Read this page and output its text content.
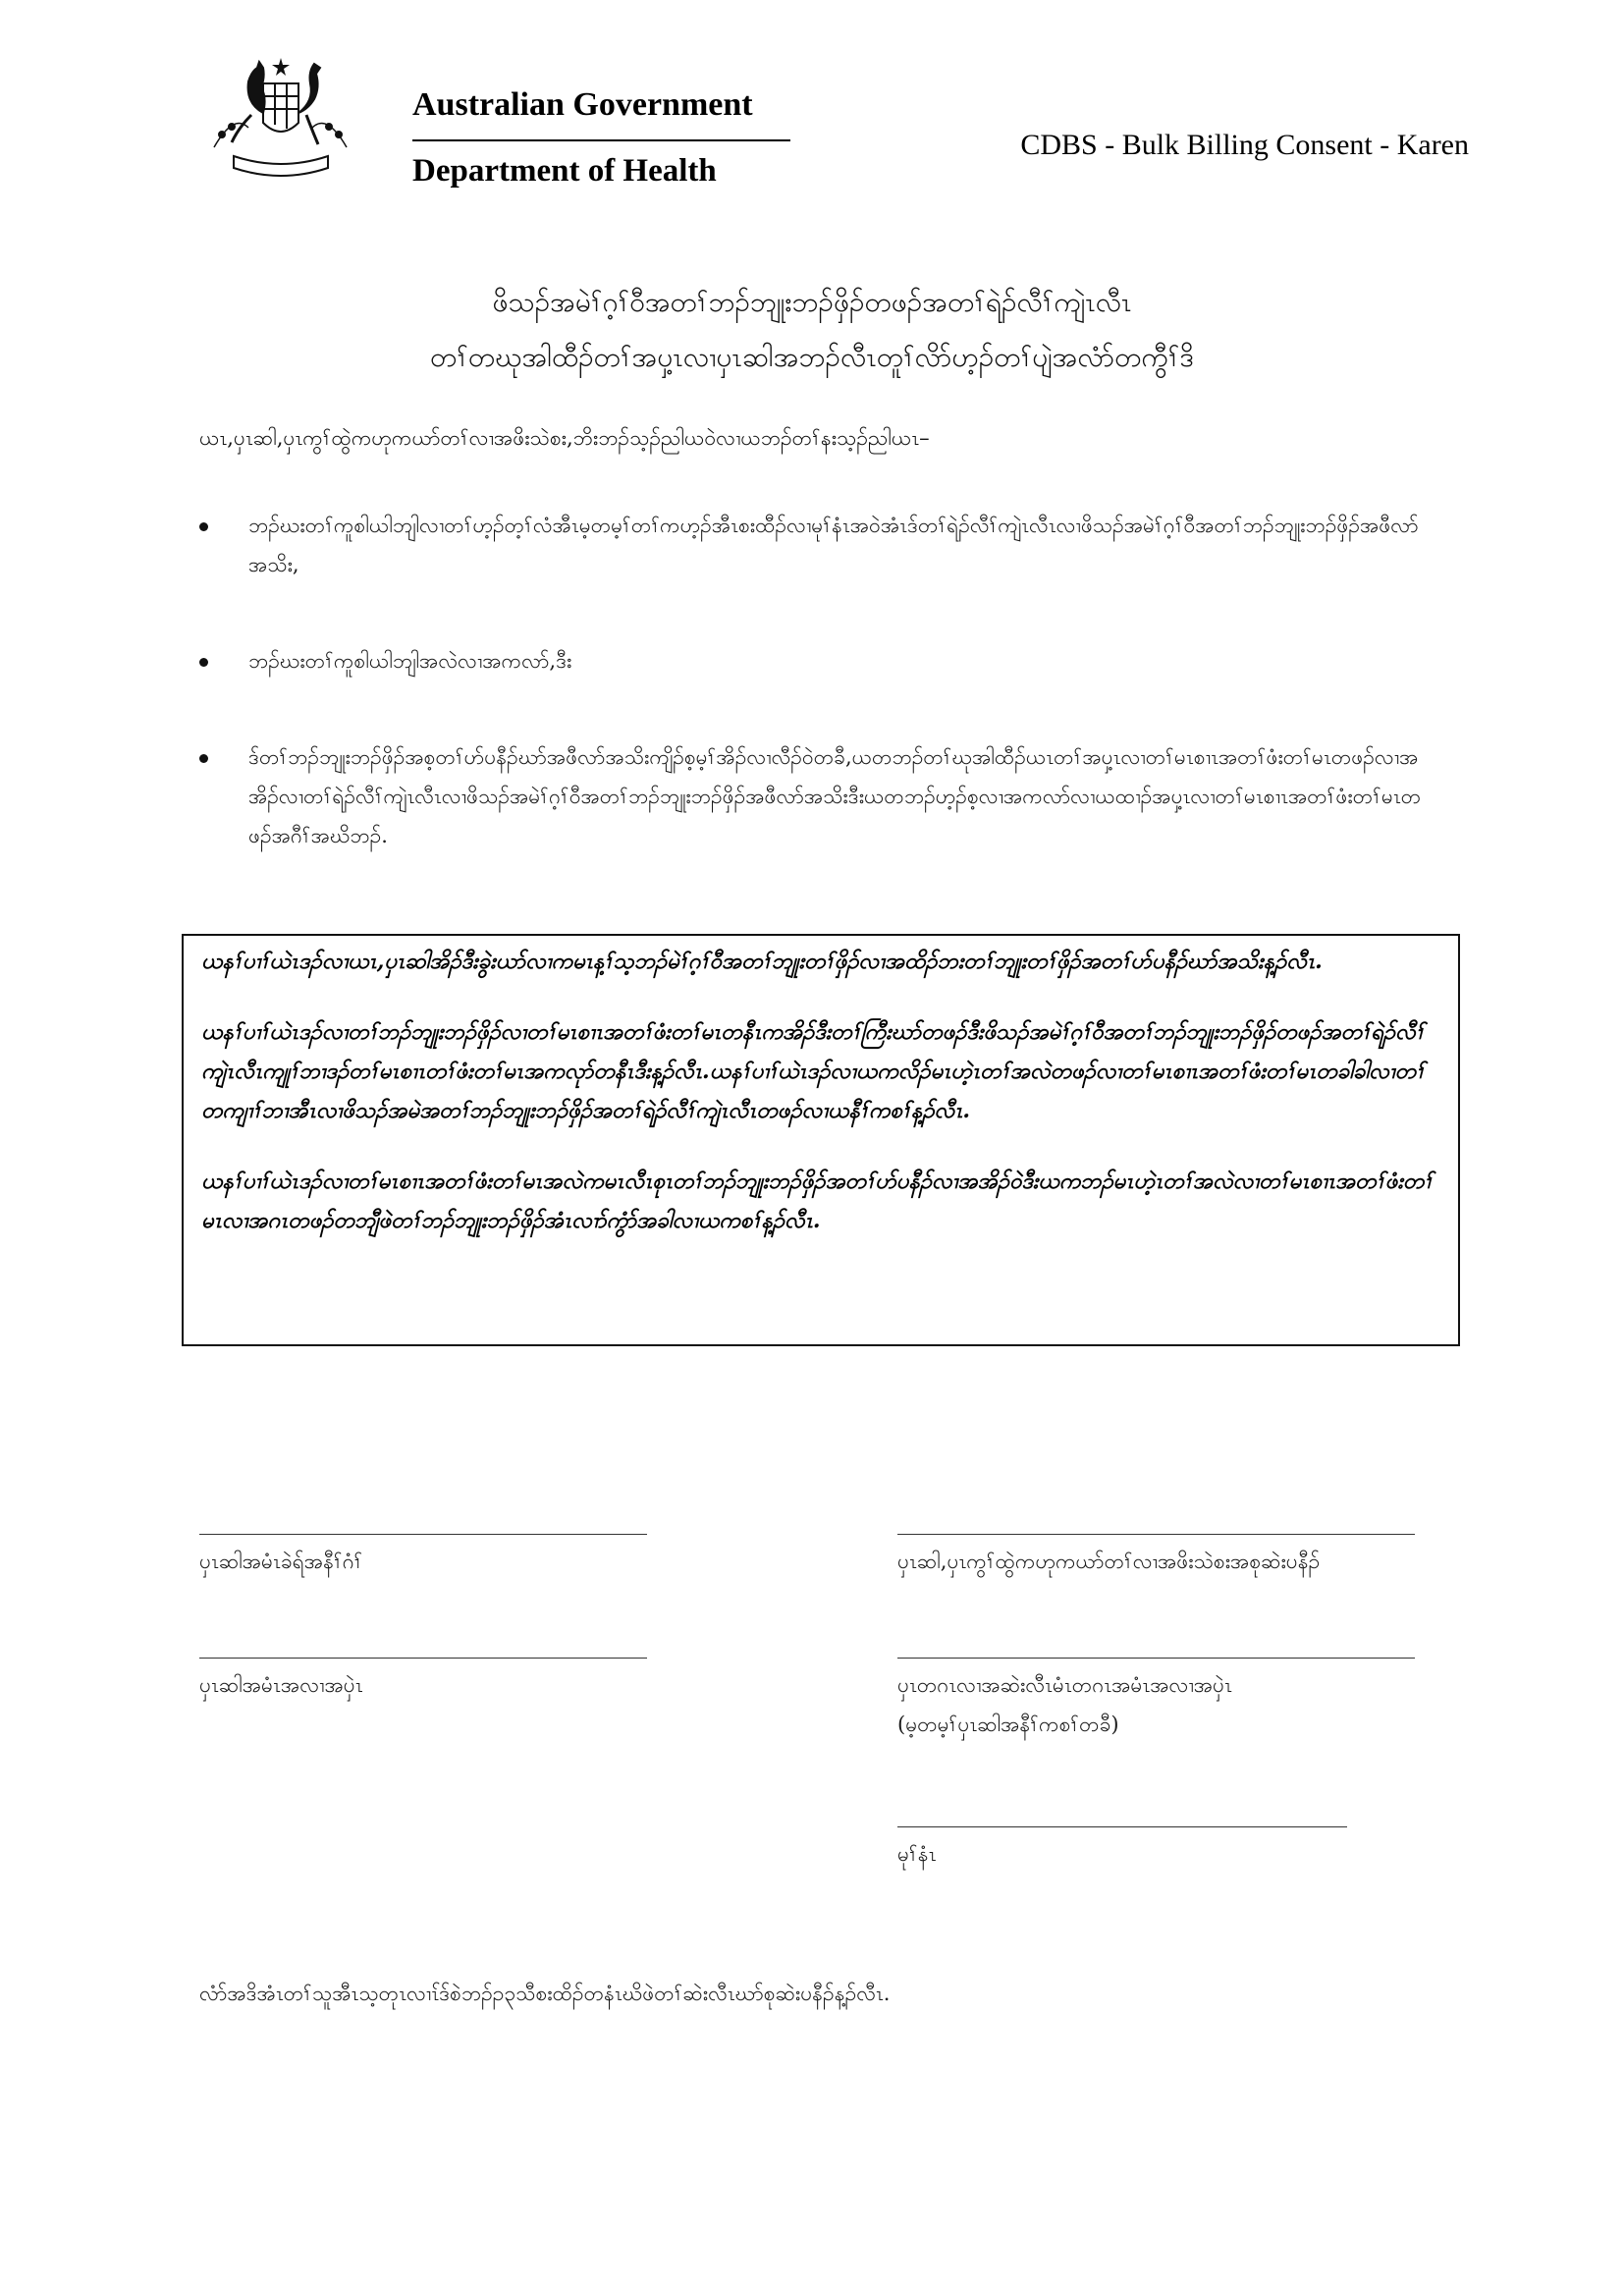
Australian Government
Department of Health
CDBS - Bulk Billing Consent - Karen
ဖိသၣ်အမဲၢ်ဂ့ၢ်ဝီအတၢ်ဘၣ်ဘျုးဘၣ်ဖှိၣ်တဖၣ်အတၢ်ရဲၣ်လီၢ်ကျဲၤလီၤ
တၢ်တဃုအါထီၣ်တၢ်အပှ့ၤလၢပှၤဆါအဘၣ်လီၤတူၢ်လိာ်ဟ့ၣ်တၢ်ပျဲအလံာ်တကွီၢ်ဒိ
ယၤ,ပှၤဆါ,ပှၤကွၢ်ထွဲကဟုကယာ်တၢ်လၢအဖိးသဲစး,ဘိးဘၣ်သ့ၣ်ညါယဝဲလၢယဘၣ်တၢ်နးသ့ၣ်ညါယၤ–
ဘၣ်ဃးတၢ်ကူစါယါဘျါလၢတၢ်ဟ့ၣ်တ့ၢ်လံအီၤမ့တမ့ၢ်တၢ်ကဟ့ၣ်အီၤစးထီၣ်လၢမုၢ်နံၤအဝဲအံၤဒ်တၢ်ရဲၣ်လီၢ်ကျဲၤလီၤလၢဖိသၣ်အမဲၢ်ဂ့ၢ်ဝီအတၢ်ဘၣ်ဘျုးဘၣ်ဖှိၣ်အဖီလာ်အသိး,
ဘၣ်ဃးတၢ်ကူစါယါဘျါအလဲလၢအကလာ်,ဒီး
ဒ်တၢ်ဘၣ်ဘျုးဘၣ်ဖှိၣ်အစ့တၢ်ဟ်ပနီၣ်ဃာ်အဖီလာ်အသိးကျိၣ်စ့မ့ၢ်အိၣ်လၢလီၣ်ဝဲတခီ,ယတဘၣ်တၢ်ဃုအါထီၣ်ယၤတၢ်အပှ့ၤလၢတၢ်မၤစၢၤအတၢ်ဖံးတၢ်မၤတဖၣ်လၢအအိၣ်လၢတၢ်ရဲၣ်လီၢ်ကျဲၤလီၤလၢဖိသၣ်အမဲၢ်ဂ့ၢ်ဝီအတၢ်ဘၣ်ဘျုးဘၣ်ဖှိၣ်အဖီလာ်အသိးဒီးယတဘၣ်ဟ့ၣ်စ့လၢအကလာ်လၢယထၢၣ်အပှ့ၤလၢတၢ်မၤစၢၤအတၢ်ဖံးတၢ်မၤတဖၣ်အဂီၢ်အဃိဘၣ်.

ယနၢ်ပၢၢ်ယဲၤဒၣ်လၢယၤ,ပှၤဆါအိၣ်ဒီးခွဲးယာ်လၢကမၤန့ၢ်သ့ဘၣ်မဲၢ်ဂ့ၢ်ဝီအတၢ်ဘျုးတၢ်ဖှိၣ်လၢအထိၣ်ဘးတၢ်ဘျုးတၢ်ဖှိၣ်အတၢ်ဟ်ပနီၣ်ဃာ်အသိးန့ၣ်လီၤ.

ယနၢ်ပၢၢ်ယဲၤဒၣ်လၢတၢ်ဘၣ်ဘျုးဘၣ်ဖှိၣ်လၢတၢ်မၤစၢၤအတၢ်ဖံးတၢ်မၤတနီၤကအိၣ်ဒီးတၢ်ကြီးဃာ်တဖၣ်ဒီးဖိသၣ်အမဲၢ်ဂ့ၢ်ဝီအတၢ်ဘၣ်ဘျုးဘၣ်ဖှိၣ်တဖၣ်အတၢ်ရဲၣ်လီၢ်ကျဲၤလီၤကျုၢ်ဘၢဒၣ်တၢ်မၤစၢၤတၢ်ဖံးတၢ်မၤအကလုာ်တနီၤဒီးန့ၣ်လီၤ.ယနၢ်ပၢၢ်ယဲၤဒၣ်လၢယကလိၣ်မၤဟဲ့ၤတၢ်အလဲတဖၣ်လၢတၢ်မၤစၢၤအတၢ်ဖံးတၢ်မၤတခါခါလၢတၢ်တကျၢၢ်ဘၢအီၤလၢဖိသၣ်အမဲအတၢ်ဘၣ်ဘျုးဘၣ်ဖှိၣ်အတၢ်ရဲၣ်လီၢ်ကျဲၤလီၤတဖၣ်လၢယနီၢ်ကစၢ်န့ၣ်လီၤ.

ယနၢ်ပၢၢ်ယဲၤဒၣ်လၢတၢ်မၤစၢၤအတၢ်ဖံးတၢ်မၤအလဲကမၤလီၤစုၤတၢ်ဘၣ်ဘျုးဘၣ်ဖှိၣ်အတၢ်ဟ်ပနီၣ်လၢအအိၣ်ဝဲဒီးယကဘၣ်မၤဟဲ့ၤတၢ်အလဲလၢတၢ်မၤစၢၤအတၢ်ဖံးတၢ်မၤလၢအဂၤတဖၣ်တဘျီဖဲတၢ်ဘၣ်ဘျုးဘၣ်ဖှိၣ်အံၤလၢာ်ကွံာ်အခါလၢယကစၢ်န့ၣ်လီၤ.

ပှၤဆါအမံၤခဲရ်အနီၢ်ဂံၢ်
ပှၤဆါအမံၤအလၢအပှဲၤ
ပှၤဆါ,ပှၤကွၢ်ထွဲကဟုကယာ်တၢ်လၢအဖိးသဲစးအစုဆဲးပနီၣ်
ပှၤတဂၤလၢအဆဲးလီၤမံၤတဂၤအမံၤအလၢအပှဲၤ
(မ့တမ့ၢ်ပှၤဆါအနီၢ်ကစၢ်တခီ)
မုၢ်နံၤ
လံာ်အဒိအံၤတၢ်သူအီၤသ့တုၤလၢၤ်ဒ်စဲဘၣ်ၣ၃သီစးထိၣ်တနံၤဃိဖဲတၢ်ဆဲးလီၤဃာ်စုဆဲးပနီၣ်န့ၣ်လီၤ.
